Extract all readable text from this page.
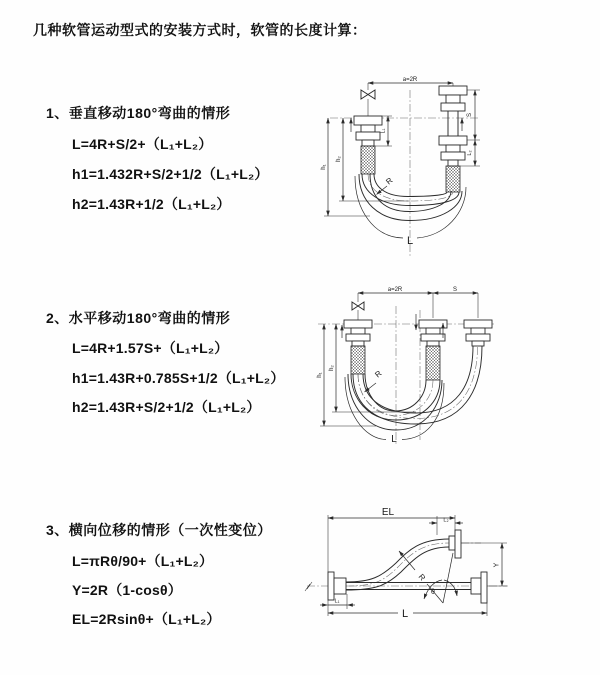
几种软管运动型式的安装方式时，软管的长度计算：
1、垂直移动180°弯曲的情形
L=4R+S/2+（L₁+L₂）
h1=1.432R+S/2+1/2（L₁+L₂）
h2=1.43R+1/2（L₁+L₂）
2、水平移动180°弯曲的情形
L=4R+1.57S+（L₁+L₂）
h1=1.43R+0.785S+1/2（L₁+L₂）
h2=1.43R+S/2+1/2（L₁+L₂）
3、横向位移的情形（一次性变位）
L=πRθ/90+（L₁+L₂）
Y=2R（1-cosθ）
EL=2Rsinθ+（L₁+L₂）
a=2R
S
L₂
L₁
h₁
h₂
R
L
a=2R	S
h₁
h₂
R
L
R
θ
EL
L₂
Y
L₁
L
